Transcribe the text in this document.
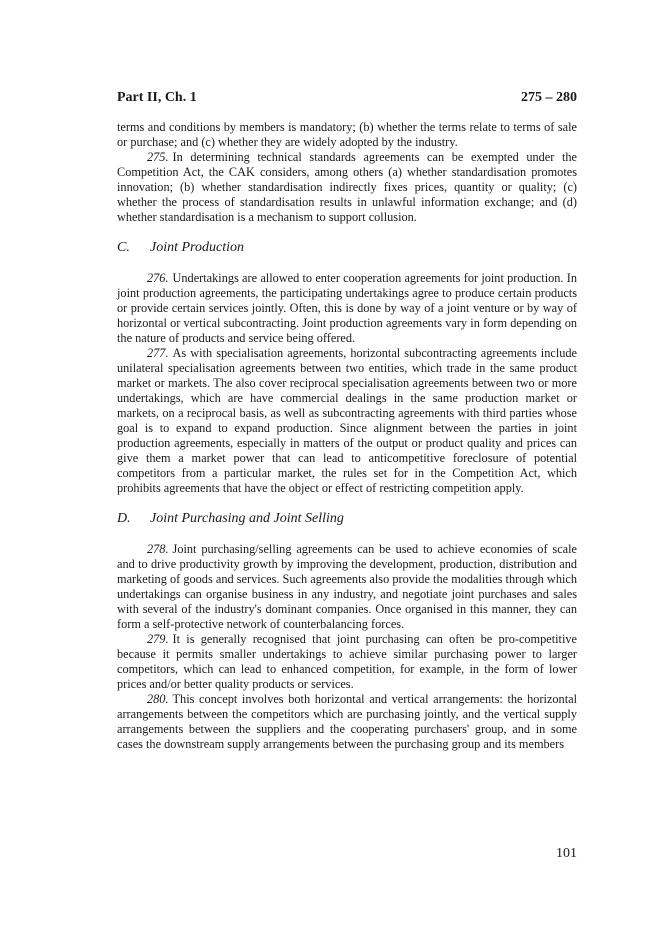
Part II, Ch. 1	275 – 280

terms and conditions by members is mandatory; (b) whether the terms relate to terms of sale or purchase; and (c) whether they are widely adopted by the industry.

275. In determining technical standards agreements can be exempted under the Competition Act, the CAK considers, among others (a) whether standardisation promotes innovation; (b) whether standardisation indirectly fixes prices, quantity or quality; (c) whether the process of standardisation results in unlawful information exchange; and (d) whether standardisation is a mechanism to support collusion.

C. Joint Production

276. Undertakings are allowed to enter cooperation agreements for joint production. In joint production agreements, the participating undertakings agree to produce certain products or provide certain services jointly. Often, this is done by way of a joint venture or by way of horizontal or vertical subcontracting. Joint production agreements vary in form depending on the nature of products and service being offered.

277. As with specialisation agreements, horizontal subcontracting agreements include unilateral specialisation agreements between two entities, which trade in the same product market or markets. The also cover reciprocal specialisation agreements between two or more undertakings, which are have commercial dealings in the same production market or markets, on a reciprocal basis, as well as subcontracting agreements with third parties whose goal is to expand to expand production. Since alignment between the parties in joint production agreements, especially in matters of the output or product quality and prices can give them a market power that can lead to anticompetitive foreclosure of potential competitors from a particular market, the rules set for in the Competition Act, which prohibits agreements that have the object or effect of restricting competition apply.

D. Joint Purchasing and Joint Selling

278. Joint purchasing/selling agreements can be used to achieve economies of scale and to drive productivity growth by improving the development, production, distribution and marketing of goods and services. Such agreements also provide the modalities through which undertakings can organise business in any industry, and negotiate joint purchases and sales with several of the industry's dominant companies. Once organised in this manner, they can form a self-protective network of counterbalancing forces.

279. It is generally recognised that joint purchasing can often be pro-competitive because it permits smaller undertakings to achieve similar purchasing power to larger competitors, which can lead to enhanced competition, for example, in the form of lower prices and/or better quality products or services.

280. This concept involves both horizontal and vertical arrangements: the horizontal arrangements between the competitors which are purchasing jointly, and the vertical supply arrangements between the suppliers and the cooperating purchasers' group, and in some cases the downstream supply arrangements between the purchasing group and its members

101
